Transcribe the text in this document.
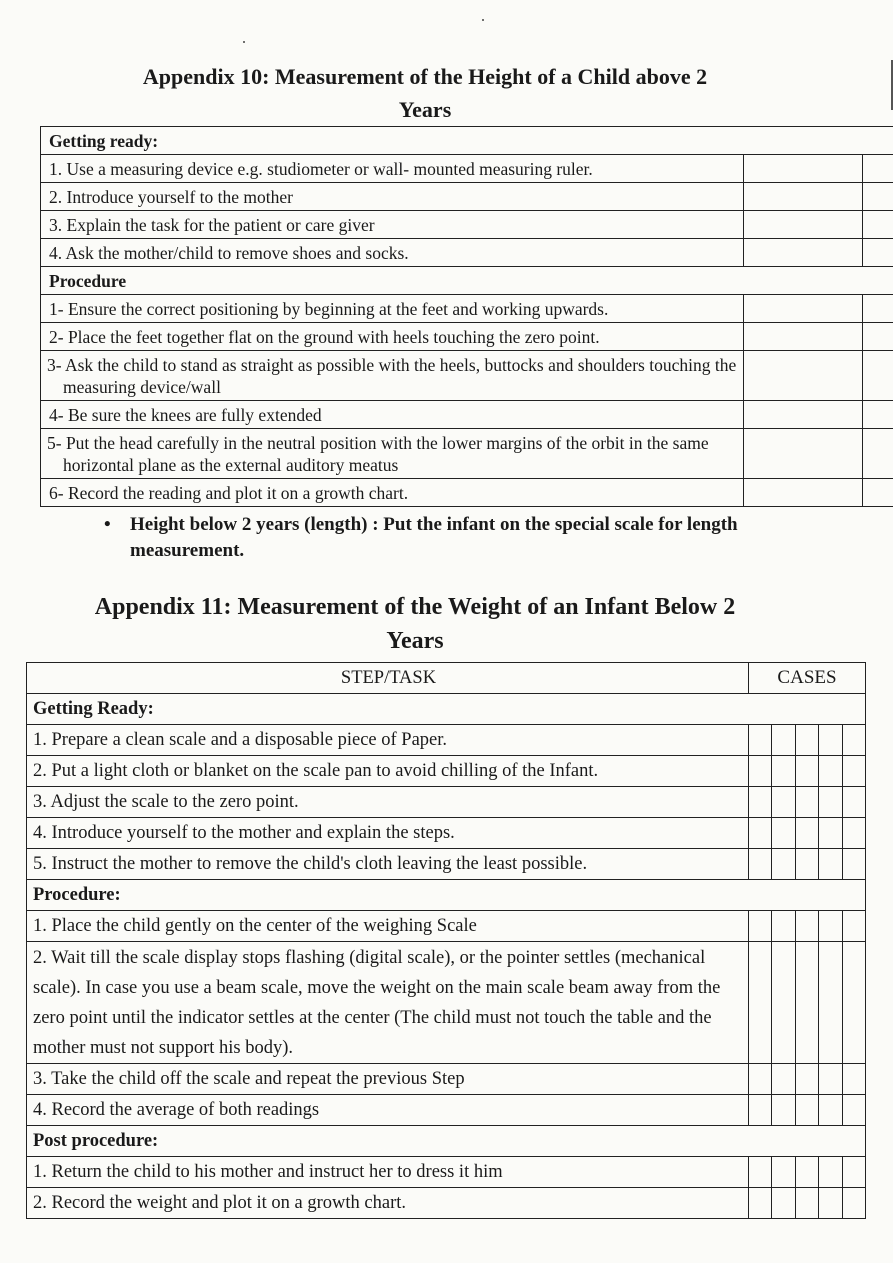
Appendix 10: Measurement of the Height of a Child above 2
Years
Getting ready:					
1. Use a measuring device e.g. studiometer or wall- mounted measuring ruler.					
2. Introduce yourself to the mother					
3. Explain the task for the patient or care giver					
4. Ask the mother/child to remove shoes and socks.					
Procedure					
1- Ensure the correct positioning by beginning at the feet and working upwards.					
2- Place the feet together flat on the ground with heels touching the zero point.					
3- Ask the child to stand as straight as possible with the heels, buttocks and shoulders touching the measuring device/wall					
4- Be sure the knees are fully extended					
5- Put the head carefully in the neutral position with the lower margins of the orbit in the same horizontal plane as the external auditory meatus					
6- Record the reading and plot it on a growth chart.					
•	Height below 2 years (length) : Put the infant on the special scale for length measurement.
Appendix 11: Measurement of the Weight of an Infant Below 2
Years
STEP/TASK	CASES				
Getting Ready:					
1. Prepare a clean scale and a disposable piece of Paper.					
2. Put a light cloth or blanket on the scale pan to avoid chilling of the Infant.					
3. Adjust the scale to the zero point.					
4. Introduce yourself to the mother and explain the steps.					
5. Instruct the mother to remove the child's cloth leaving the least possible.					
Procedure:					
1. Place the child gently on the center of the weighing Scale					
2. Wait till the scale display stops flashing (digital scale), or the pointer settles (mechanical scale). In case you use a beam scale, move the weight on the main scale beam away from the zero point until the indicator settles at the center (The child must not touch the table and the mother must not support his body).					
3. Take the child off the scale and repeat the previous Step					
4. Record the average of both readings					
Post procedure:					
1. Return the child to his mother and instruct her to dress it him					
2. Record the weight and plot it on a growth chart.					
